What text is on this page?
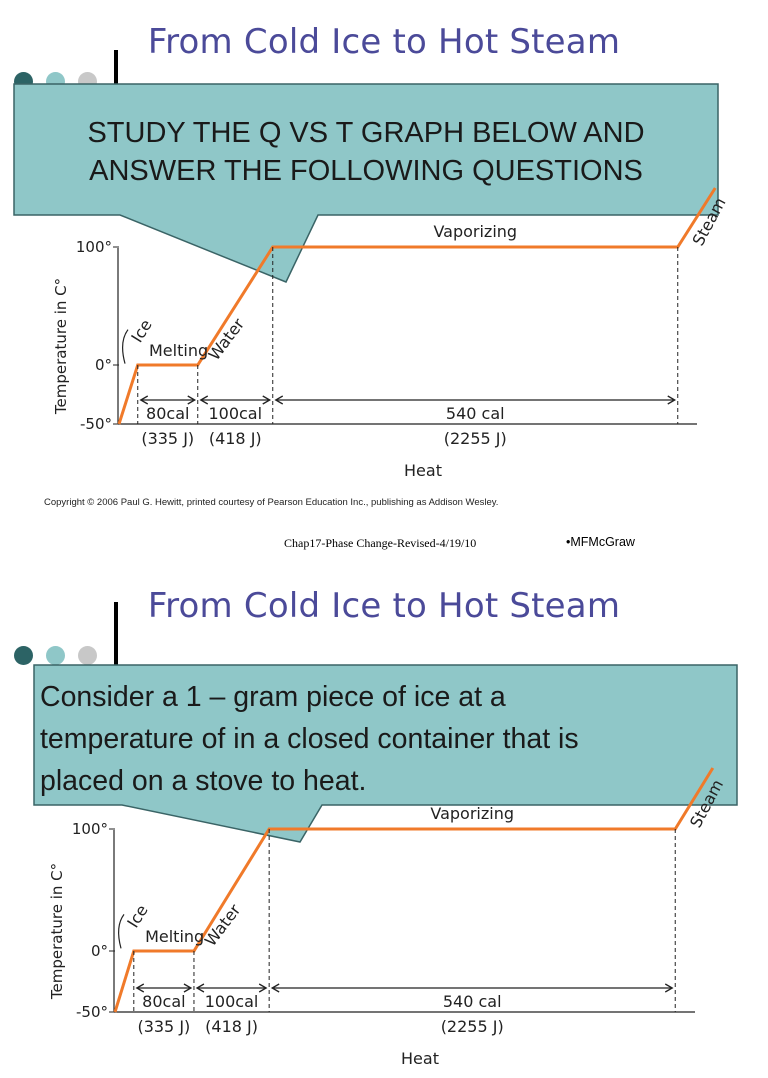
From Cold Ice to Hot Steam
STUDY THE Q VS T GRAPH BELOW AND
ANSWER THE FOLLOWING QUESTIONS
100°
0°
-50°
Temperature in C°	80cal
(335 J)
100cal
(418 J)
540 cal
(2255 J)
Heat
Ice
Melting
Water
Vaporizing	Steam
Copyright © 2006 Paul G. Hewitt, printed courtesy of Pearson Education Inc., publishing as Addison Wesley.
Chap17-Phase Change-Revised-4/19/10	•MFMcGraw
From Cold Ice to Hot Steam
Consider a 1 – gram piece of ice at a
temperature of in a closed container that is
placed on a stove to heat.
100°
0°
-50°
Temperature in C°
80cal
(335 J)
100cal
(418 J)
540 cal
(2255 J)
Heat
Ice
Melting
Water
Vaporizing	Steam
